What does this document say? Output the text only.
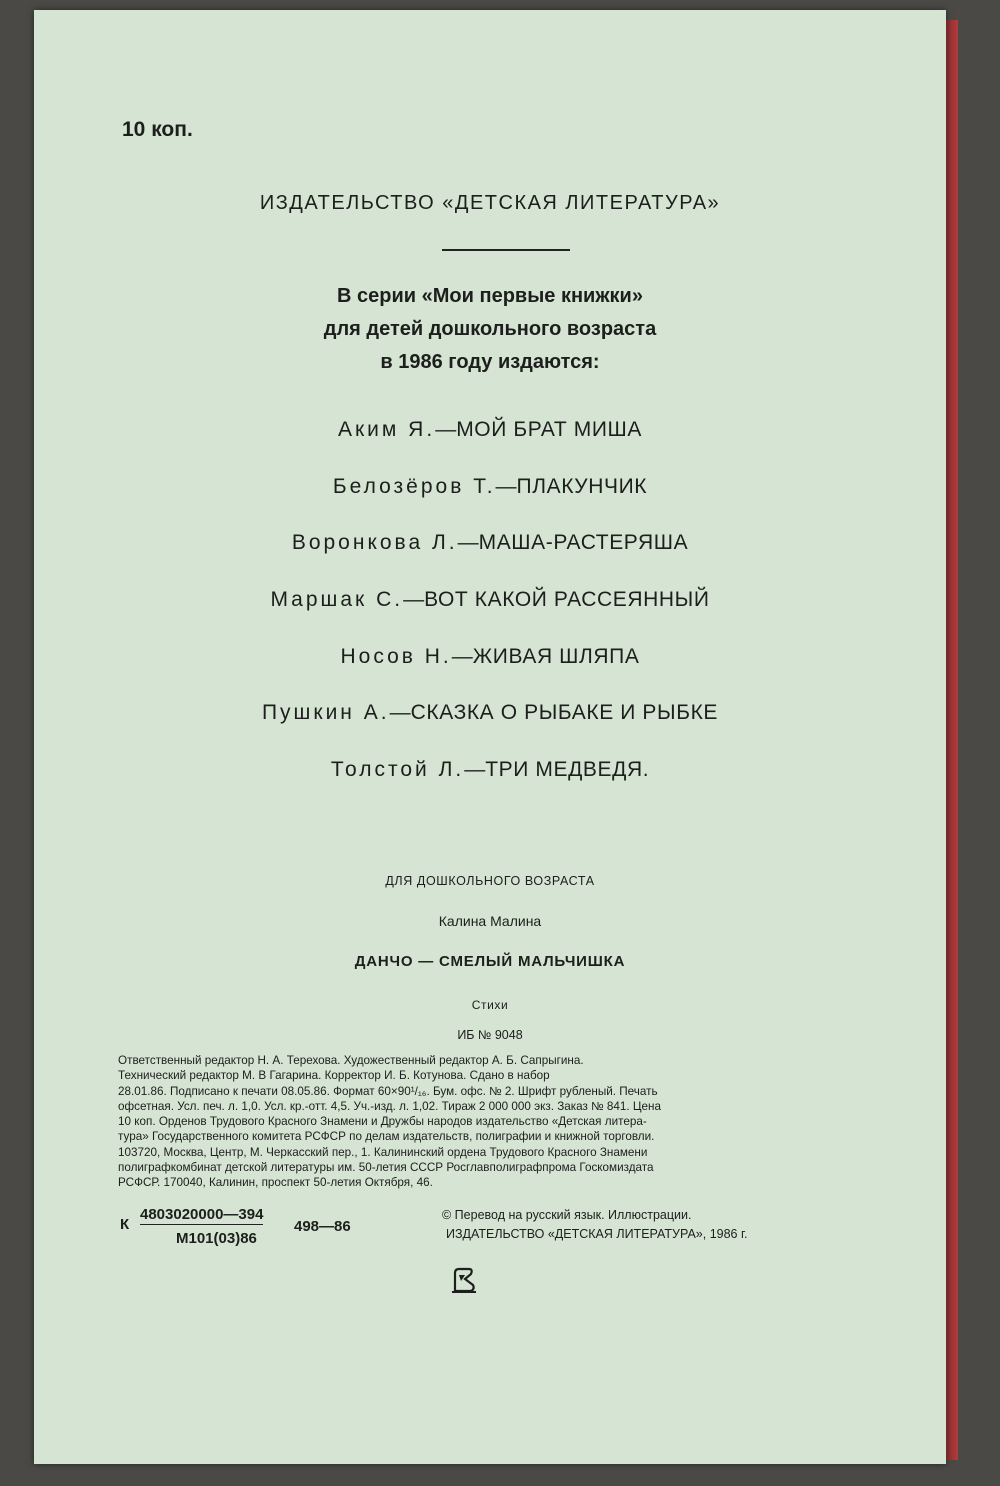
10 коп.
ИЗДАТЕЛЬСТВО «ДЕТСКАЯ ЛИТЕРАТУРА»
В серии «Мои первые книжки»
для детей дошкольного возраста
в 1986 году издаются:
Аким Я.—МОЙ БРАТ МИША
Белозёров Т.—ПЛАКУНЧИК
Воронкова Л.—МАША-РАСТЕРЯША
Маршак С.—ВОТ КАКОЙ РАССЕЯННЫЙ
Носов Н.—ЖИВАЯ ШЛЯПА
Пушкин А.—СКАЗКА О РЫБАКЕ И РЫБКЕ
Толстой Л.—ТРИ МЕДВЕДЯ.
ДЛЯ ДОШКОЛЬНОГО ВОЗРАСТА
Калина Малина
ДАНЧО — СМЕЛЫЙ МАЛЬЧИШКА
Стихи
ИБ № 9048
Ответственный редактор Н. А. Терехова. Художественный редактор А. Б. Сапрыгина.
Технический редактор М. В Гагарина. Корректор И. Б. Котунова. Сдано в набор
28.01.86. Подписано к печати 08.05.86. Формат 60×90¹/₁₆. Бум. офс. № 2. Шрифт рубленый. Печать
офсетная. Усл. печ. л. 1,0. Усл. кр.-отт. 4,5. Уч.-изд. л. 1,02. Тираж 2 000 000 экз. Заказ № 841. Цена
10 коп. Орденов Трудового Красного Знамени и Дружбы народов издательство «Детская литера-
тура» Государственного комитета РСФСР по делам издательств, полиграфии и книжной торговли.
103720, Москва, Центр, М. Черкасский пер., 1. Калининский ордена Трудового Красного Знамени
полиграфкомбинат детской литературы им. 50-летия СССР Росглавполиграфпрома Госкомиздата
РСФСР. 170040, Калинин, проспект 50-летия Октября, 46.
К
4803020000—394
М101(03)86
498—86
© Перевод на русский язык. Иллюстрации.
ИЗДАТЕЛЬСТВО «ДЕТСКАЯ ЛИТЕРАТУРА», 1986 г.
